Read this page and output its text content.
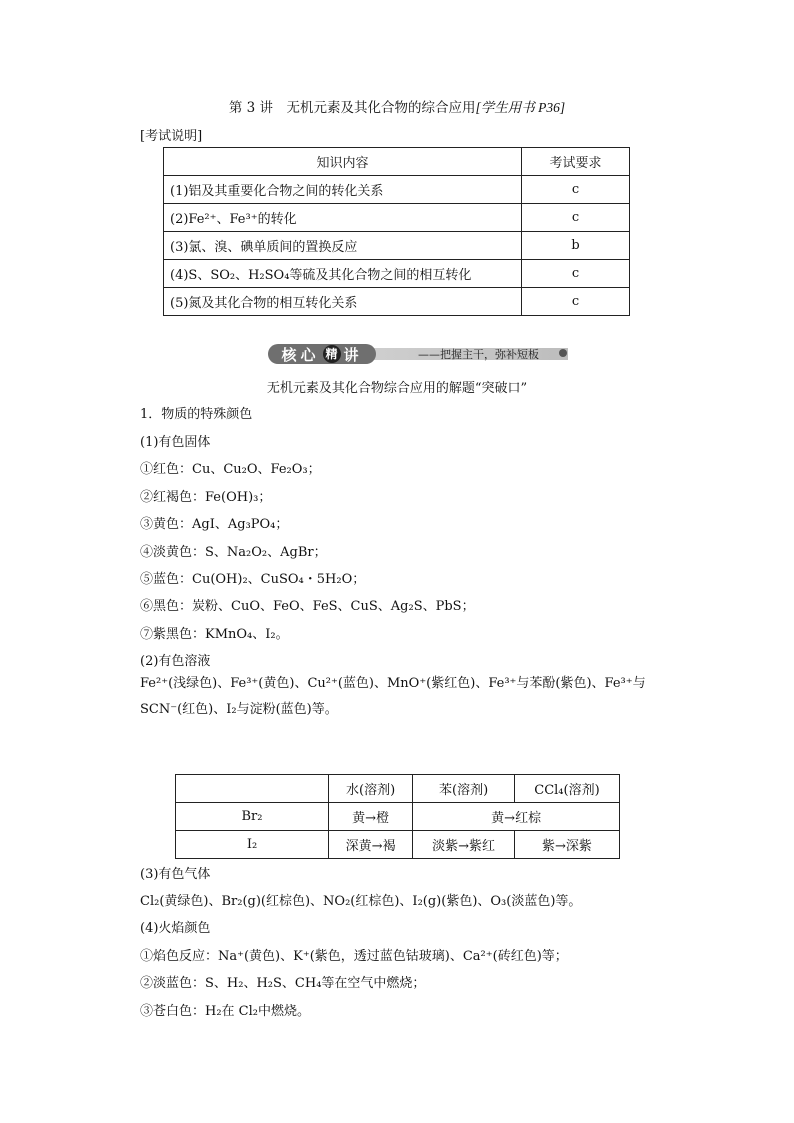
第 3 讲　无机元素及其化合物的综合应用[学生用书 P36]
[考试说明]
知识内容	考试要求
(1)铝及其重要化合物之间的转化关系	c
(2)Fe²⁺、Fe³⁺的转化	c
(3)氯、溴、碘单质间的置换反应	b
(4)S、SO₂、H₂SO₄等硫及其化合物之间的相互转化	c
(5)氮及其化合物的相互转化关系	c
核 心 精 讲	——把握主干，弥补短板
无机元素及其化合物综合应用的解题“突破口”
1．物质的特殊颜色
(1)有色固体
①红色：Cu、Cu₂O、Fe₂O₃；
②红褐色：Fe(OH)₃；
③黄色：AgI、Ag₃PO₄；
④淡黄色：S、Na₂O₂、AgBr；
⑤蓝色：Cu(OH)₂、CuSO₄・5H₂O；
⑥黑色：炭粉、CuO、FeO、FeS、CuS、Ag₂S、PbS；
⑦紫黑色：KMnO₄、I₂。
(2)有色溶液
Fe²⁺(浅绿色)、Fe³⁺(黄色)、Cu²⁺(蓝色)、MnO⁺(紫红色)、Fe³⁺与苯酚(紫色)、Fe³⁺与 SCN⁻(红色)、I₂与淀粉(蓝色)等。
	水(溶剂)	苯(溶剂)	CCl₄(溶剂)
Br₂	黄→橙	黄→红棕	
I₂	深黄→褐	淡紫→紫红	紫→深紫
(3)有色气体
Cl₂(黄绿色)、Br₂(g)(红棕色)、NO₂(红棕色)、I₂(g)(紫色)、O₃(淡蓝色)等。
(4)火焰颜色
①焰色反应：Na⁺(黄色)、K⁺(紫色，透过蓝色钴玻璃)、Ca²⁺(砖红色)等；
②淡蓝色：S、H₂、H₂S、CH₄等在空气中燃烧；
③苍白色：H₂在 Cl₂中燃烧。
